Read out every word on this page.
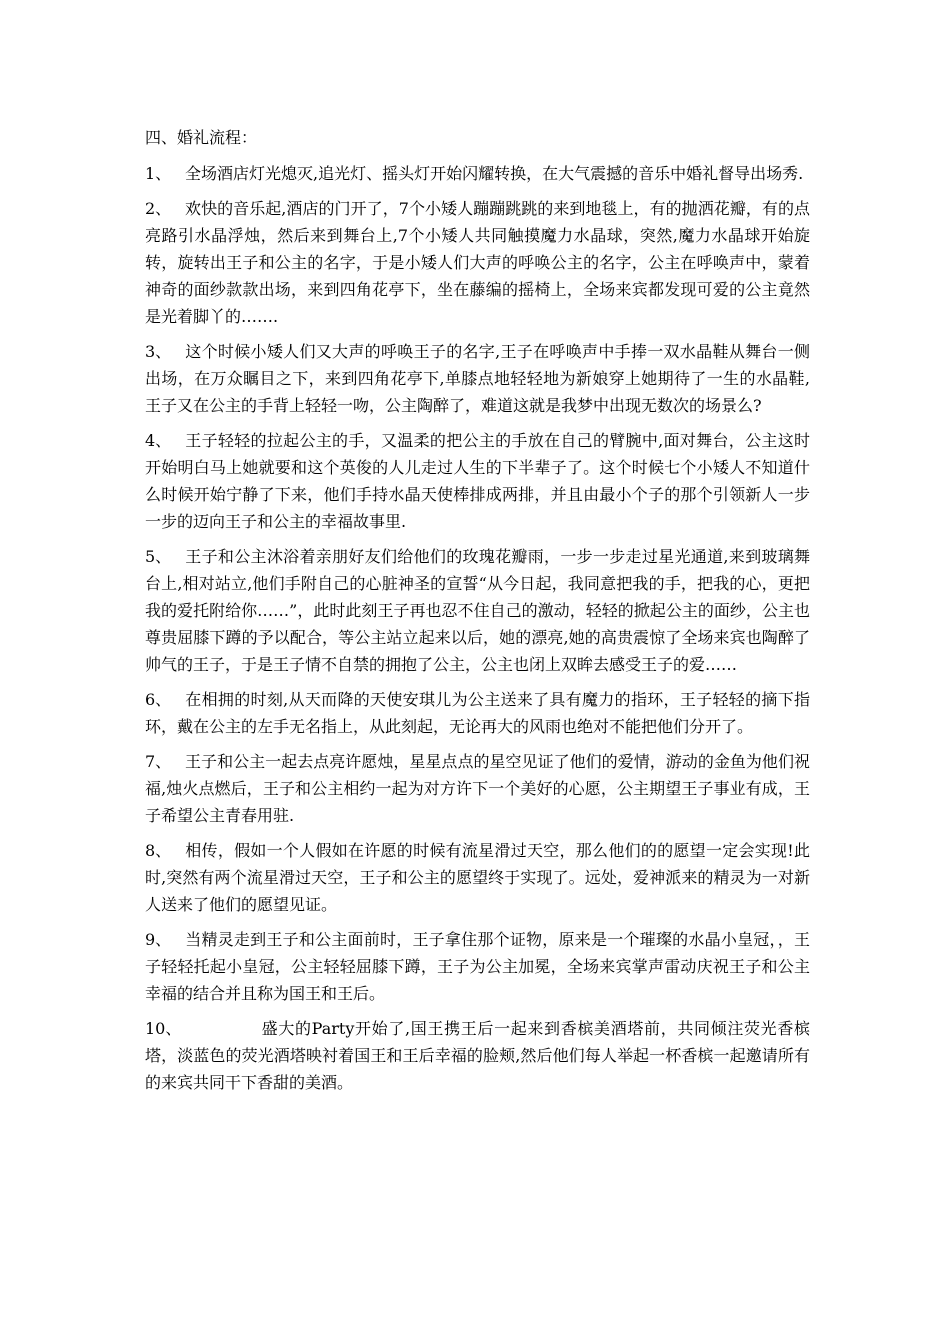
四、婚礼流程：

1、 全场酒店灯光熄灭,追光灯、摇头灯开始闪耀转换，在大气震撼的音乐中婚礼督导出场秀.

2、 欢快的音乐起,酒店的门开了，7个小矮人蹦蹦跳跳的来到地毯上，有的抛洒花瓣，有的点亮路引水晶浮烛，然后来到舞台上,7个小矮人共同触摸魔力水晶球，突然,魔力水晶球开始旋转，旋转出王子和公主的名字，于是小矮人们大声的呼唤公主的名字，公主在呼唤声中，蒙着神奇的面纱款款出场，来到四角花亭下，坐在藤编的摇椅上，全场来宾都发现可爱的公主竟然是光着脚丫的…….

3、 这个时候小矮人们又大声的呼唤王子的名字,王子在呼唤声中手捧一双水晶鞋从舞台一侧出场，在万众瞩目之下，来到四角花亭下,单膝点地轻轻地为新娘穿上她期待了一生的水晶鞋,王子又在公主的手背上轻轻一吻，公主陶醉了，难道这就是我梦中出现无数次的场景么?

4、 王子轻轻的拉起公主的手，又温柔的把公主的手放在自己的臂腕中,面对舞台，公主这时开始明白马上她就要和这个英俊的人儿走过人生的下半辈子了。这个时候七个小矮人不知道什么时候开始宁静了下来，他们手持水晶天使棒排成两排，并且由最小个子的那个引领新人一步一步的迈向王子和公主的幸福故事里.

5、 王子和公主沐浴着亲朋好友们给他们的玫瑰花瓣雨，一步一步走过星光通道,来到玻璃舞台上,相对站立,他们手附自己的心脏神圣的宣誓“从今日起，我同意把我的手，把我的心，更把我的爱托附给你……”，此时此刻王子再也忍不住自己的激动，轻轻的掀起公主的面纱，公主也尊贵屈膝下蹲的予以配合，等公主站立起来以后，她的漂亮,她的高贵震惊了全场来宾也陶醉了帅气的王子，于是王子情不自禁的拥抱了公主，公主也闭上双眸去感受王子的爱……

6、 在相拥的时刻,从天而降的天使安琪儿为公主送来了具有魔力的指环，王子轻轻的摘下指环，戴在公主的左手无名指上，从此刻起，无论再大的风雨也绝对不能把他们分开了。

7、 王子和公主一起去点亮许愿烛，星星点点的星空见证了他们的爱情，游动的金鱼为他们祝福,烛火点燃后，王子和公主相约一起为对方许下一个美好的心愿，公主期望王子事业有成，王子希望公主青春用驻.

8、 相传，假如一个人假如在许愿的时候有流星滑过天空，那么他们的的愿望一定会实现!此时,突然有两个流星滑过天空，王子和公主的愿望终于实现了。远处，爱神派来的精灵为一对新人送来了他们的愿望见证。

9、 当精灵走到王子和公主面前时，王子拿住那个证物，原来是一个璀璨的水晶小皇冠，，王子轻轻托起小皇冠，公主轻轻屈膝下蹲，王子为公主加冕，全场来宾掌声雷动庆祝王子和公主幸福的结合并且称为国王和王后。

10、	盛大的Party开始了,国王携王后一起来到香槟美酒塔前，共同倾注荧光香槟塔，淡蓝色的荧光酒塔映衬着国王和王后幸福的脸颊,然后他们每人举起一杯香槟一起邀请所有的来宾共同干下香甜的美酒。
